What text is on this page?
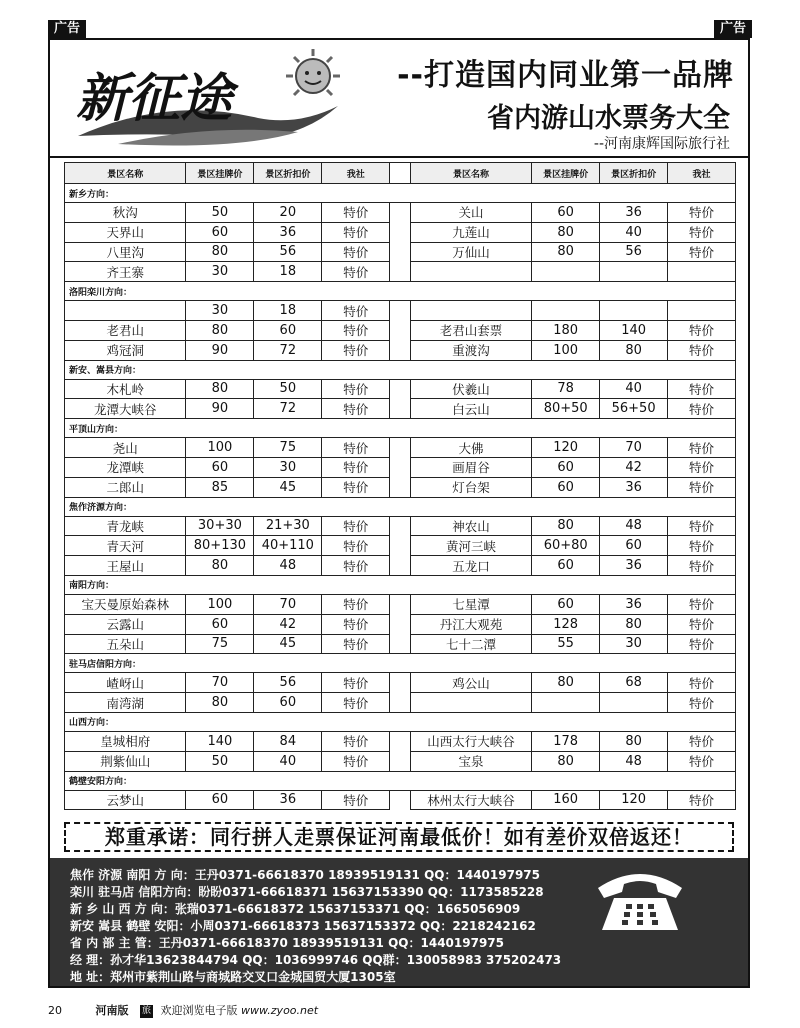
广告	广告
新征途	--打造国内同业第一品牌
省内游山水票务大全
--河南康辉国际旅行社
景区名称	景区挂牌价	景区折扣价	我社		景区名称	景区挂牌价	景区折扣价	我社
新乡方向：								
秋沟	50	20	特价		关山	60	36	特价
天界山	60	36	特价		九莲山	80	40	特价
八里沟	80	56	特价		万仙山	80	56	特价
齐王寨	30	18	特价					
洛阳栾川方向：								
	30	18	特价					
老君山	80	60	特价		老君山套票	180	140	特价
鸡冠洞	90	72	特价		重渡沟	100	80	特价
新安、嵩县方向：								
木札岭	80	50	特价		伏羲山	78	40	特价
龙潭大峡谷	90	72	特价		白云山	80+50	56+50	特价
平顶山方向：								
尧山	100	75	特价		大佛	120	70	特价
龙潭峡	60	30	特价		画眉谷	60	42	特价
二郎山	85	45	特价		灯台架	60	36	特价
焦作济源方向：								
青龙峡	30+30	21+30	特价		神农山	80	48	特价
青天河	80+130	40+110	特价		黄河三峡	60+80	60	特价
王屋山	80	48	特价		五龙口	60	36	特价
南阳方向：								
宝天曼原始森林	100	70	特价		七星潭	60	36	特价
云露山	60	42	特价		丹江大观苑	128	80	特价
五朵山	75	45	特价		七十二潭	55	30	特价
驻马店信阳方向：								
嵖岈山	70	56	特价		鸡公山	80	68	特价
南湾湖	80	60	特价					特价
山西方向：								
皇城相府	140	84	特价		山西太行大峡谷	178	80	特价
荆紫仙山	50	40	特价		宝泉	80	48	特价
鹤壁安阳方向：								
云梦山	60	36	特价		林州太行大峡谷	160	120	特价
郑重承诺：同行拼人走票保证河南最低价！如有差价双倍返还！
焦作 济源 南阳 方 向：王丹0371-66618370 18939519131 QQ：1440197975
栾川 驻马店 信阳方向：盼盼0371-66618371 15637153390 QQ：1173585228
新 乡 山 西 方 向：张瑞0371-66618372 15637153371 QQ：1665056909
新安 嵩县 鹤壁 安阳：小周0371-66618373 15637153372 QQ：2218242162
省 内 部 主 管：王丹0371-66618370 18939519131 QQ：1440197975
经 理：孙才华13623844794 QQ：1036999746 QQ群：130058983 375202473
地 址：郑州市紫荆山路与商城路交叉口金城国贸大厦1305室
20	河南版 旅 欢迎浏览电子版 www.zyoo.net
